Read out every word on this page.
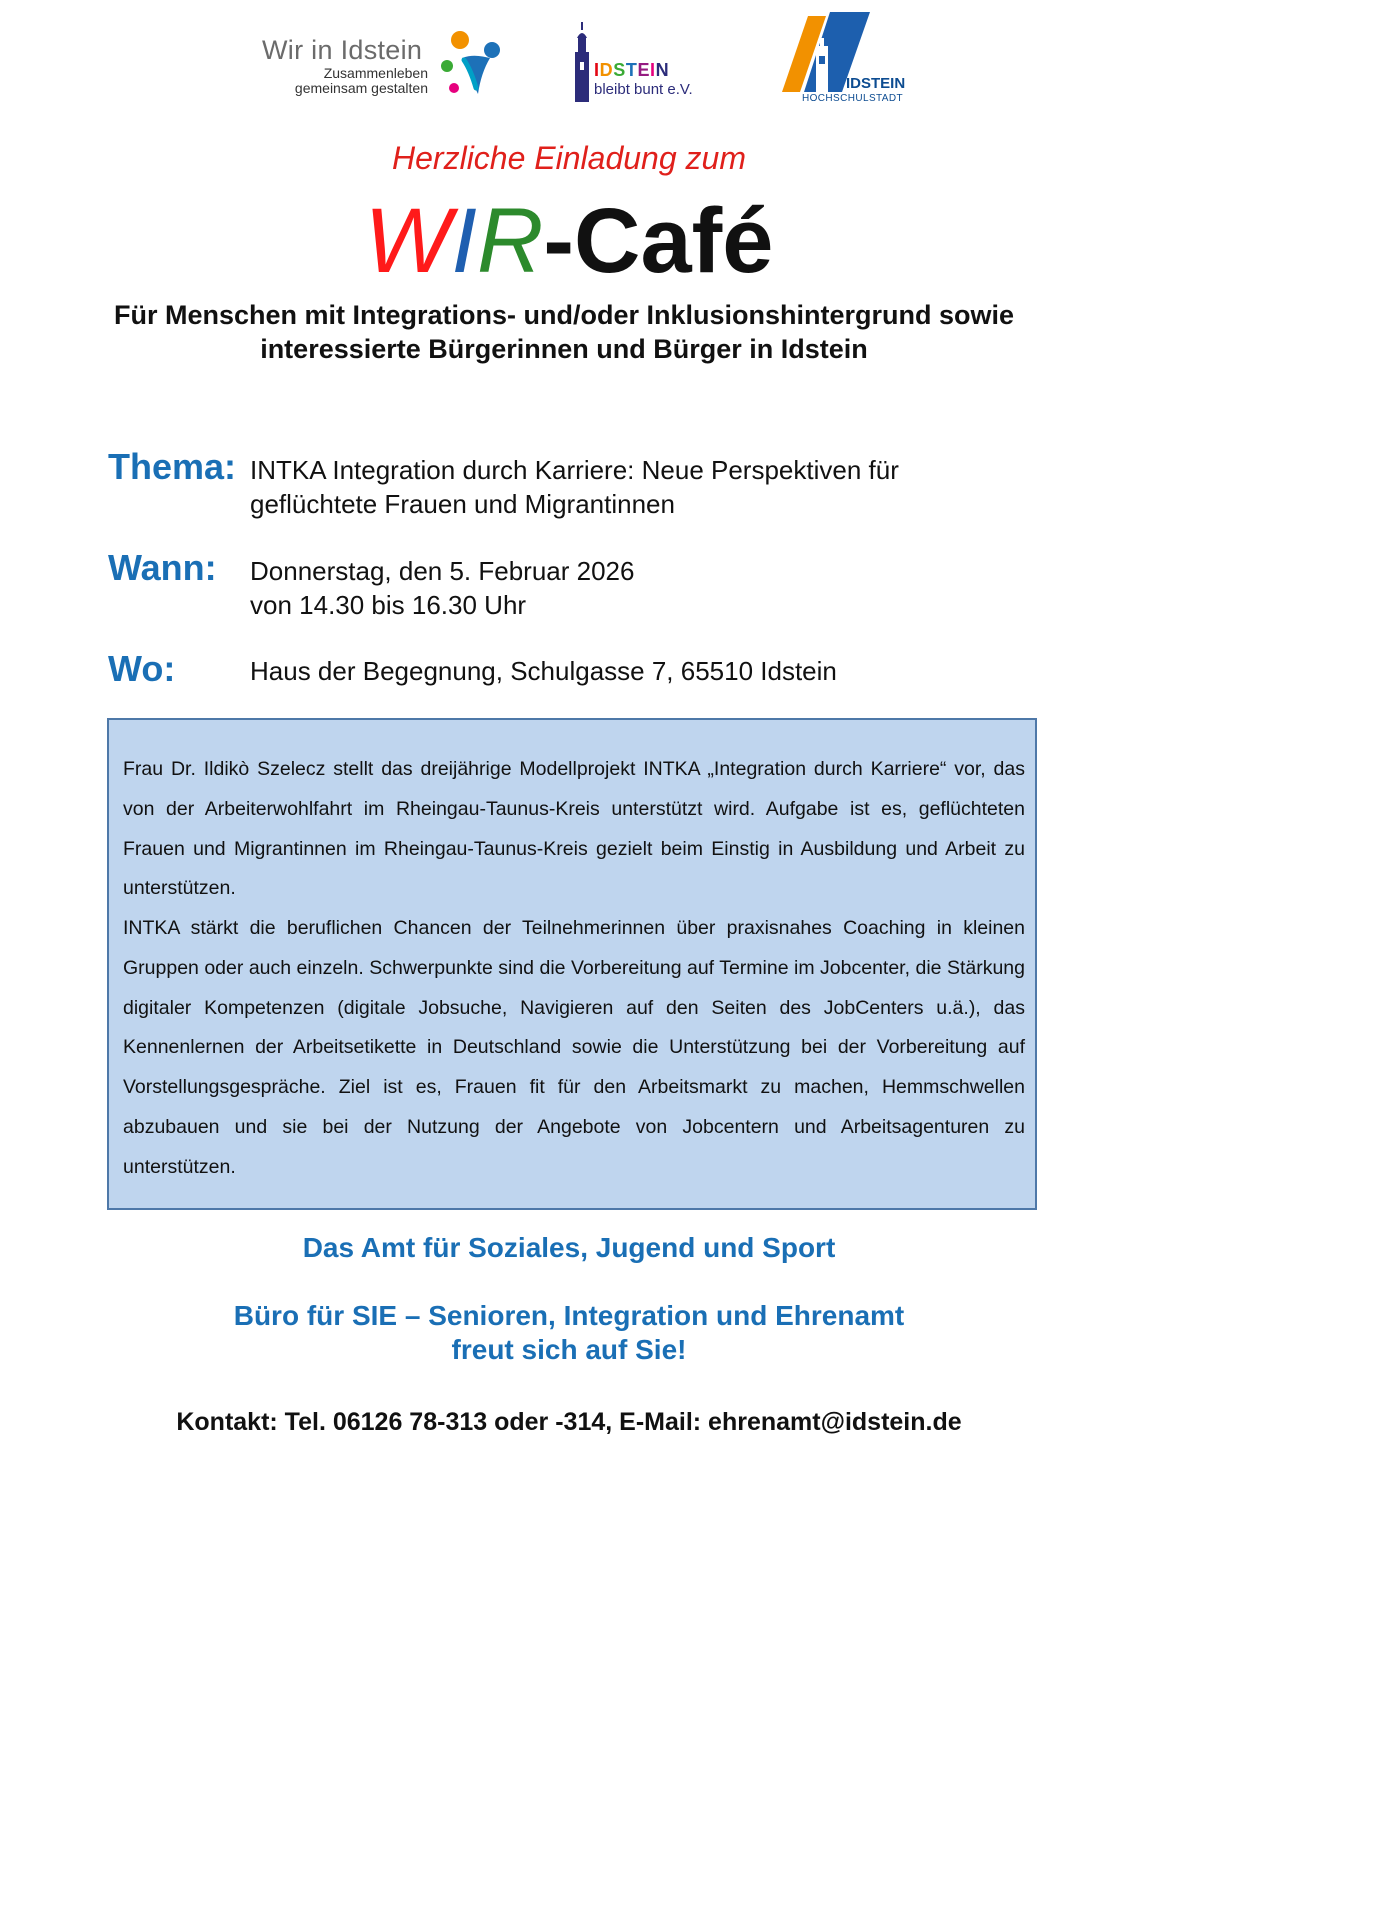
Wir in Idstein
Zusammenleben
gemeinsam gestalten
IDSTEIN
bleibt bunt e.V.	IDSTEIN
HOCHSCHULSTADT
Herzliche Einladung zum
WIR-Café
Für Menschen mit Integrations- und/oder Inklusionshintergrund sowie interessierte Bürgerinnen und Bürger in Idstein
Thema: INTKA Integration durch Karriere: Neue Perspektiven für
geflüchtete Frauen und Migrantinnen
Wann: Donnerstag, den 5. Februar 2026
von 14.30 bis 16.30 Uhr
Wo:	Haus der Begegnung, Schulgasse 7, 65510 Idstein

Frau Dr. Ildikò Szelecz stellt das dreijährige Modellprojekt INTKA „Integration durch Karriere“ vor, das von der Arbeiterwohlfahrt im Rheingau-Taunus-Kreis unterstützt wird. Aufgabe ist es, geflüchteten Frauen und Migrantinnen im Rheingau-Taunus-Kreis gezielt beim Einstig in Ausbildung und Arbeit zu unterstützen.

INTKA stärkt die beruflichen Chancen der Teilnehmerinnen über praxisnahes Coaching in kleinen Gruppen oder auch einzeln. Schwerpunkte sind die Vorbereitung auf Termine im Jobcenter, die Stärkung digitaler Kompetenzen (digitale Jobsuche, Navigieren auf den Seiten des JobCenters u.ä.), das Kennenlernen der Arbeitsetikette in Deutschland sowie die Unterstützung bei der Vorbereitung auf Vorstellungsgespräche. Ziel ist es, Frauen fit für den Arbeitsmarkt zu machen, Hemmschwellen abzubauen und sie bei der Nutzung der Angebote von Jobcentern und Arbeitsagenturen zu unterstützen.

Das Amt für Soziales, Jugend und Sport
Büro für SIE – Senioren, Integration und Ehrenamt
freut sich auf Sie!
Kontakt: Tel. 06126 78-313 oder -314, E-Mail: ehrenamt@idstein.de
